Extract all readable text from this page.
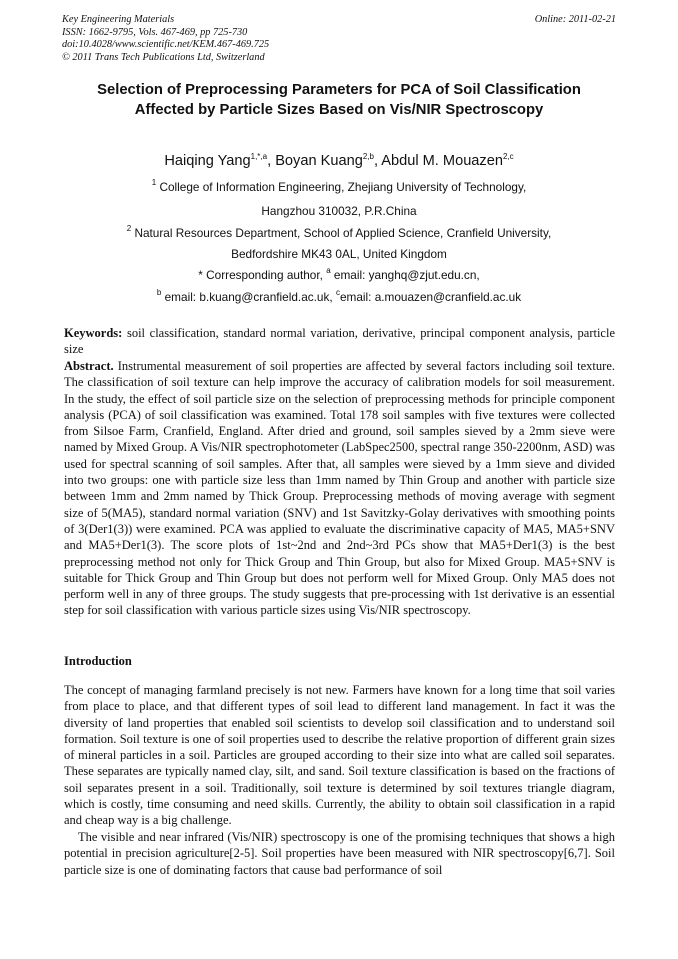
Key Engineering Materials
ISSN: 1662-9795, Vols. 467-469, pp 725-730
doi:10.4028/www.scientific.net/KEM.467-469.725
© 2011 Trans Tech Publications Ltd, Switzerland
Online: 2011-02-21
Selection of Preprocessing Parameters for PCA of Soil Classification
Affected by Particle Sizes Based on Vis/NIR Spectroscopy
Haiqing Yang$^{1,*,a}$, Boyan Kuang$^{2,b}$, Abdul M. Mouazen$^{2,c}$
$^1$ College of Information Engineering, Zhejiang University of Technology,
Hangzhou 310032, P.R.China
$^2$ Natural Resources Department, School of Applied Science, Cranfield University,
Bedfordshire MK43 0AL, United Kingdom
* Corresponding author, $^a$ email: yanghq@zjut.edu.cn,
$^b$ email: b.kuang@cranfield.ac.uk, $^c$email: a.mouazen@cranfield.ac.uk
Keywords: soil classification, standard normal variation, derivative, principal component analysis, particle size
Abstract. Instrumental measurement of soil properties are affected by several factors including soil texture. The classification of soil texture can help improve the accuracy of calibration models for soil measurement. In the study, the effect of soil particle size on the selection of preprocessing methods for principle component analysis (PCA) of soil classification was examined. Total 178 soil samples with five textures were collected from Silsoe Farm, Cranfield, England. After dried and ground, soil samples sieved by a 2mm sieve were named by Mixed Group. A Vis/NIR spectrophotometer (LabSpec2500, spectral range 350-2200nm, ASD) was used for spectral scanning of soil samples. After that, all samples were sieved by a 1mm sieve and divided into two groups: one with particle size less than 1mm named by Thin Group and another with particle size between 1mm and 2mm named by Thick Group. Preprocessing methods of moving average with segment size of 5(MA5), standard normal variation (SNV) and 1st Savitzky-Golay derivatives with smoothing points of 3(Der1(3)) were examined. PCA was applied to evaluate the discriminative capacity of MA5, MA5+SNV and MA5+Der1(3). The score plots of 1st~2nd and 2nd~3rd PCs show that MA5+Der1(3) is the best preprocessing method not only for Thick Group and Thin Group, but also for Mixed Group. MA5+SNV is suitable for Thick Group and Thin Group but does not perform well for Mixed Group. Only MA5 does not perform well in any of three groups. The study suggests that pre-processing with 1st derivative is an essential step for soil classification with various particle sizes using Vis/NIR spectroscopy.
Introduction
The concept of managing farmland precisely is not new. Farmers have known for a long time that soil varies from place to place, and that different types of soil lead to different land management. In fact it was the diversity of land properties that enabled soil scientists to develop soil classification and to understand soil formation. Soil texture is one of soil properties used to describe the relative proportion of different grain sizes of mineral particles in a soil. Particles are grouped according to their size into what are called soil separates. These separates are typically named clay, silt, and sand. Soil texture classification is based on the fractions of soil separates present in a soil. Traditionally, soil texture is determined by soil textures triangle diagram, which is costly, time consuming and need skills. Currently, the ability to obtain soil classification in a rapid and cheap way is a big challenge.
The visible and near infrared (Vis/NIR) spectroscopy is one of the promising techniques that shows a high potential in precision agriculture[2-5]. Soil properties have been measured with NIR spectroscopy[6,7]. Soil particle size is one of dominating factors that cause bad performance of soil
